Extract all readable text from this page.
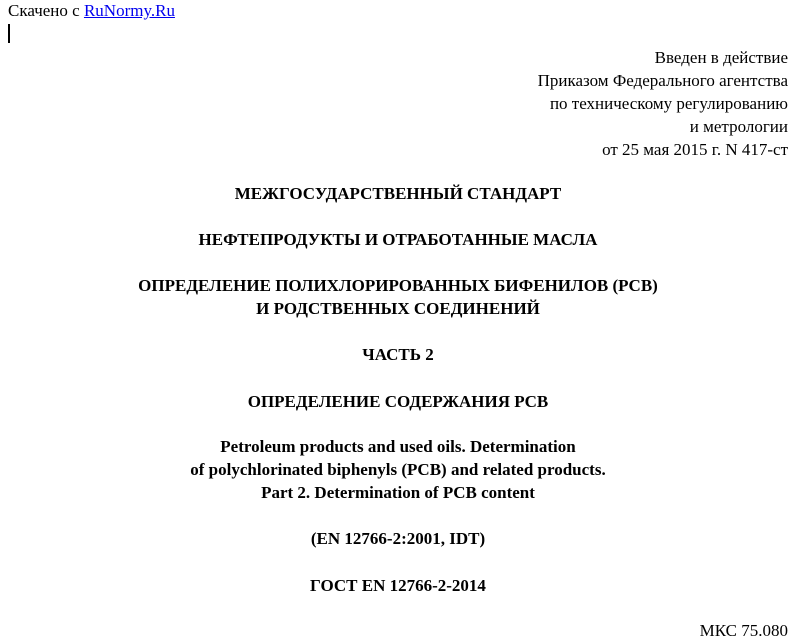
Скачено с RuNormy.Ru
Введен в действие
Приказом Федерального агентства
по техническому регулированию
и метрологии
от 25 мая 2015 г. N 417-ст
МЕЖГОСУДАРСТВЕННЫЙ СТАНДАРТ
НЕФТЕПРОДУКТЫ И ОТРАБОТАННЫЕ МАСЛА
ОПРЕДЕЛЕНИЕ ПОЛИХЛОРИРОВАННЫХ БИФЕНИЛОВ (PCB)
И РОДСТВЕННЫХ СОЕДИНЕНИЙ
ЧАСТЬ 2
ОПРЕДЕЛЕНИЕ СОДЕРЖАНИЯ PCB
Petroleum products and used oils. Determination
of polychlorinated biphenyls (PCB) and related products.
Part 2. Determination of PCB content
(EN 12766-2:2001, IDT)
ГОСТ EN 12766-2-2014
МКС 75.080
